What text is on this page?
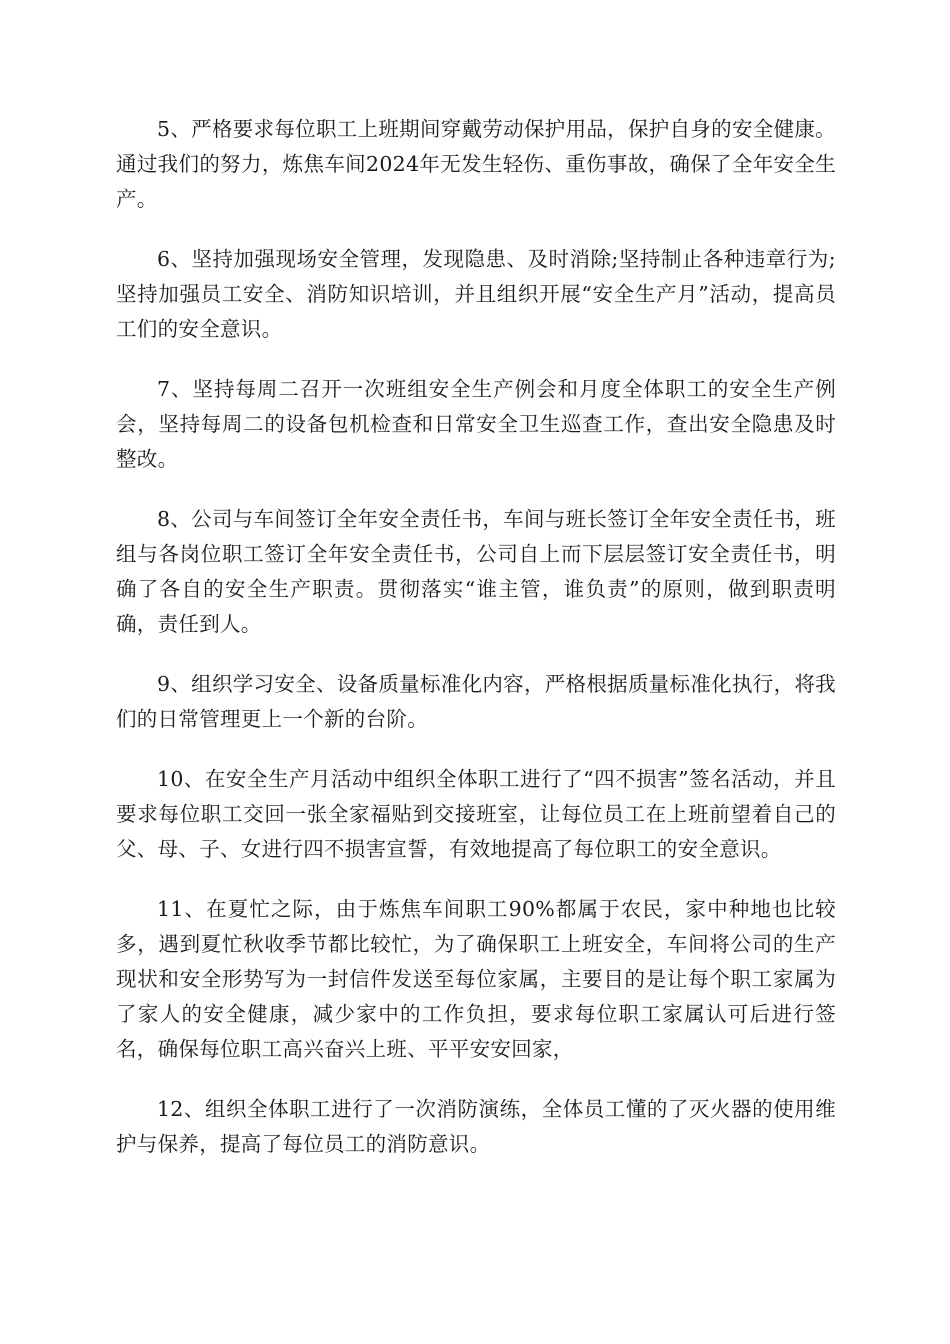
5、严格要求每位职工上班期间穿戴劳动保护用品，保护自身的安全健康。通过我们的努力，炼焦车间2024年无发生轻伤、重伤事故，确保了全年安全生产。

6、坚持加强现场安全管理，发现隐患、及时消除;坚持制止各种违章行为;坚持加强员工安全、消防知识培训，并且组织开展“安全生产月”活动，提高员工们的安全意识。

7、坚持每周二召开一次班组安全生产例会和月度全体职工的安全生产例会，坚持每周二的设备包机检查和日常安全卫生巡查工作，查出安全隐患及时整改。

8、公司与车间签订全年安全责任书，车间与班长签订全年安全责任书，班组与各岗位职工签订全年安全责任书，公司自上而下层层签订安全责任书，明确了各自的安全生产职责。贯彻落实“谁主管，谁负责”的原则，做到职责明确，责任到人。

9、组织学习安全、设备质量标准化内容，严格根据质量标准化执行，将我们的日常管理更上一个新的台阶。

10、在安全生产月活动中组织全体职工进行了“四不损害”签名活动，并且要求每位职工交回一张全家福贴到交接班室，让每位员工在上班前望着自己的父、母、子、女进行四不损害宣誓，有效地提高了每位职工的安全意识。

11、在夏忙之际，由于炼焦车间职工90%都属于农民，家中种地也比较多，遇到夏忙秋收季节都比较忙，为了确保职工上班安全，车间将公司的生产现状和安全形势写为一封信件发送至每位家属，主要目的是让每个职工家属为了家人的安全健康，减少家中的工作负担，要求每位职工家属认可后进行签名，确保每位职工高兴奋兴上班、平平安安回家，

12、组织全体职工进行了一次消防演练，全体员工懂的了灭火器的使用维护与保养，提高了每位员工的消防意识。
